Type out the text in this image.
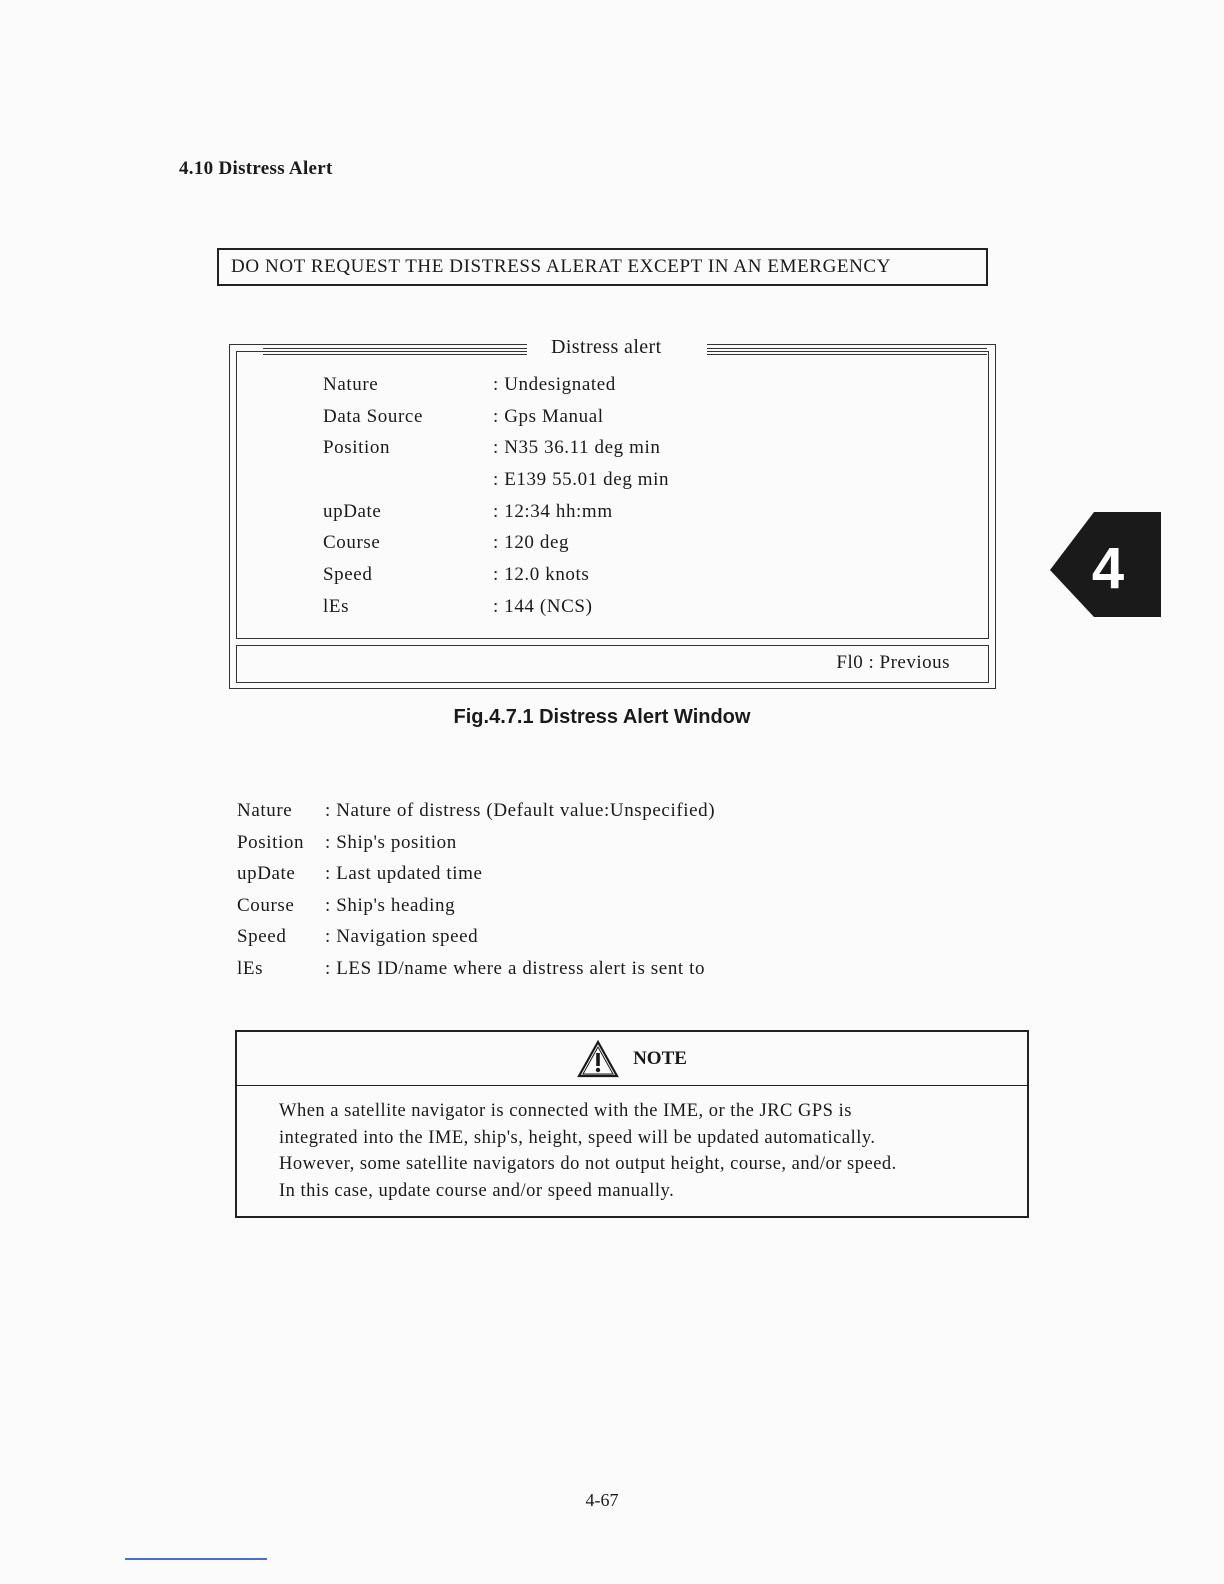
4.10 Distress Alert
DO NOT REQUEST THE DISTRESS ALERAT EXCEPT IN AN EMERGENCY
Distress alert
Nature	: Undesignated
Data Source	: Gps Manual
Position	: N35 36.11 deg min
: E139 55.01 deg min
upDate	: 12:34 hh:mm
Course	: 120 deg
Speed	: 12.0 knots
lEs	: 144 (NCS)
Fl0 : Previous
Fig.4.7.1 Distress Alert Window
Nature	: Nature of distress (Default value:Unspecified)
Position	: Ship's position
upDate	: Last updated time
Course	: Ship's heading
Speed	: Navigation speed
lEs	: LES ID/name where a distress alert is sent to
NOTE
When a satellite navigator is connected with the IME, or the JRC GPS is
integrated into the IME, ship's, height, speed will be updated automatically.
However, some satellite navigators do not output height, course, and/or speed.
In this case, update course and/or speed manually.
4
4-67
